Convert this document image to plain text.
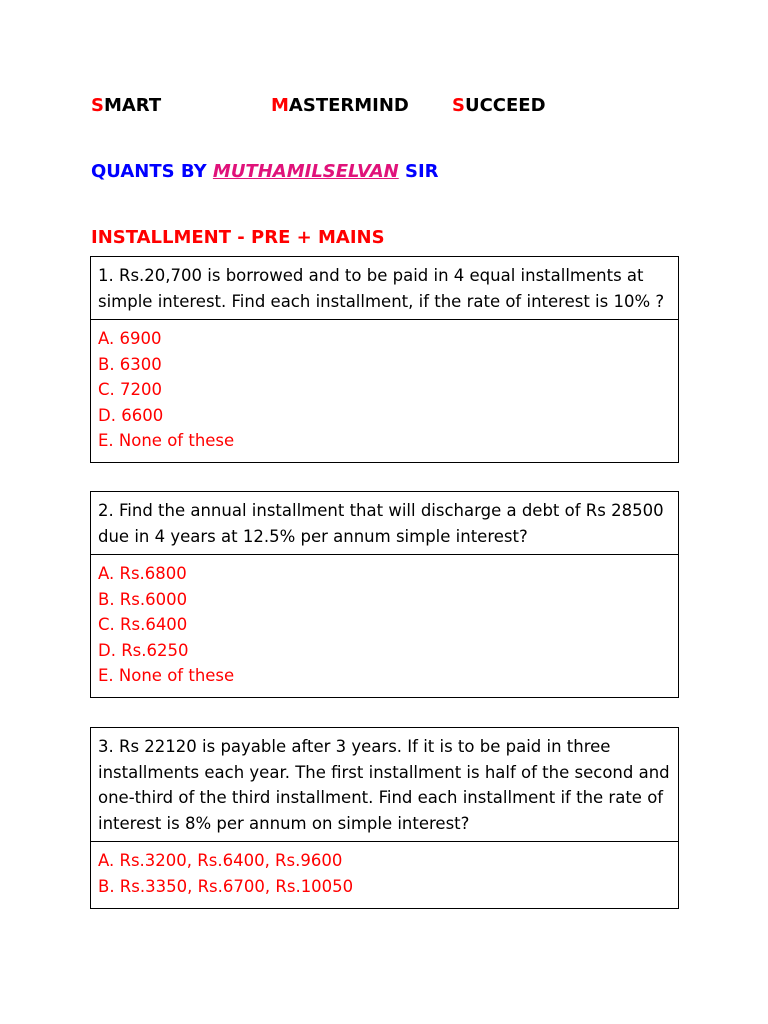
SMART	MASTERMIND SUCCEED
QUANTS BY MUTHAMILSELVAN SIR
INSTALLMENT - PRE + MAINS
1. Rs.20,700 is borrowed and to be paid in 4 equal installments at simple interest. Find each installment, if the rate of interest is 10% ?
A. 6900
B. 6300
C. 7200
D. 6600
E. None of these
2. Find the annual installment that will discharge a debt of Rs 28500 due in 4 years at 12.5% per annum simple interest?
A. Rs.6800
B. Rs.6000
C. Rs.6400
D. Rs.6250
E. None of these
3. Rs 22120 is payable after 3 years. If it is to be paid in three installments each year. The first installment is half of the second and one-third of the third installment. Find each installment if the rate of interest is 8% per annum on simple interest?
A. Rs.3200, Rs.6400, Rs.9600
B. Rs.3350, Rs.6700, Rs.10050
